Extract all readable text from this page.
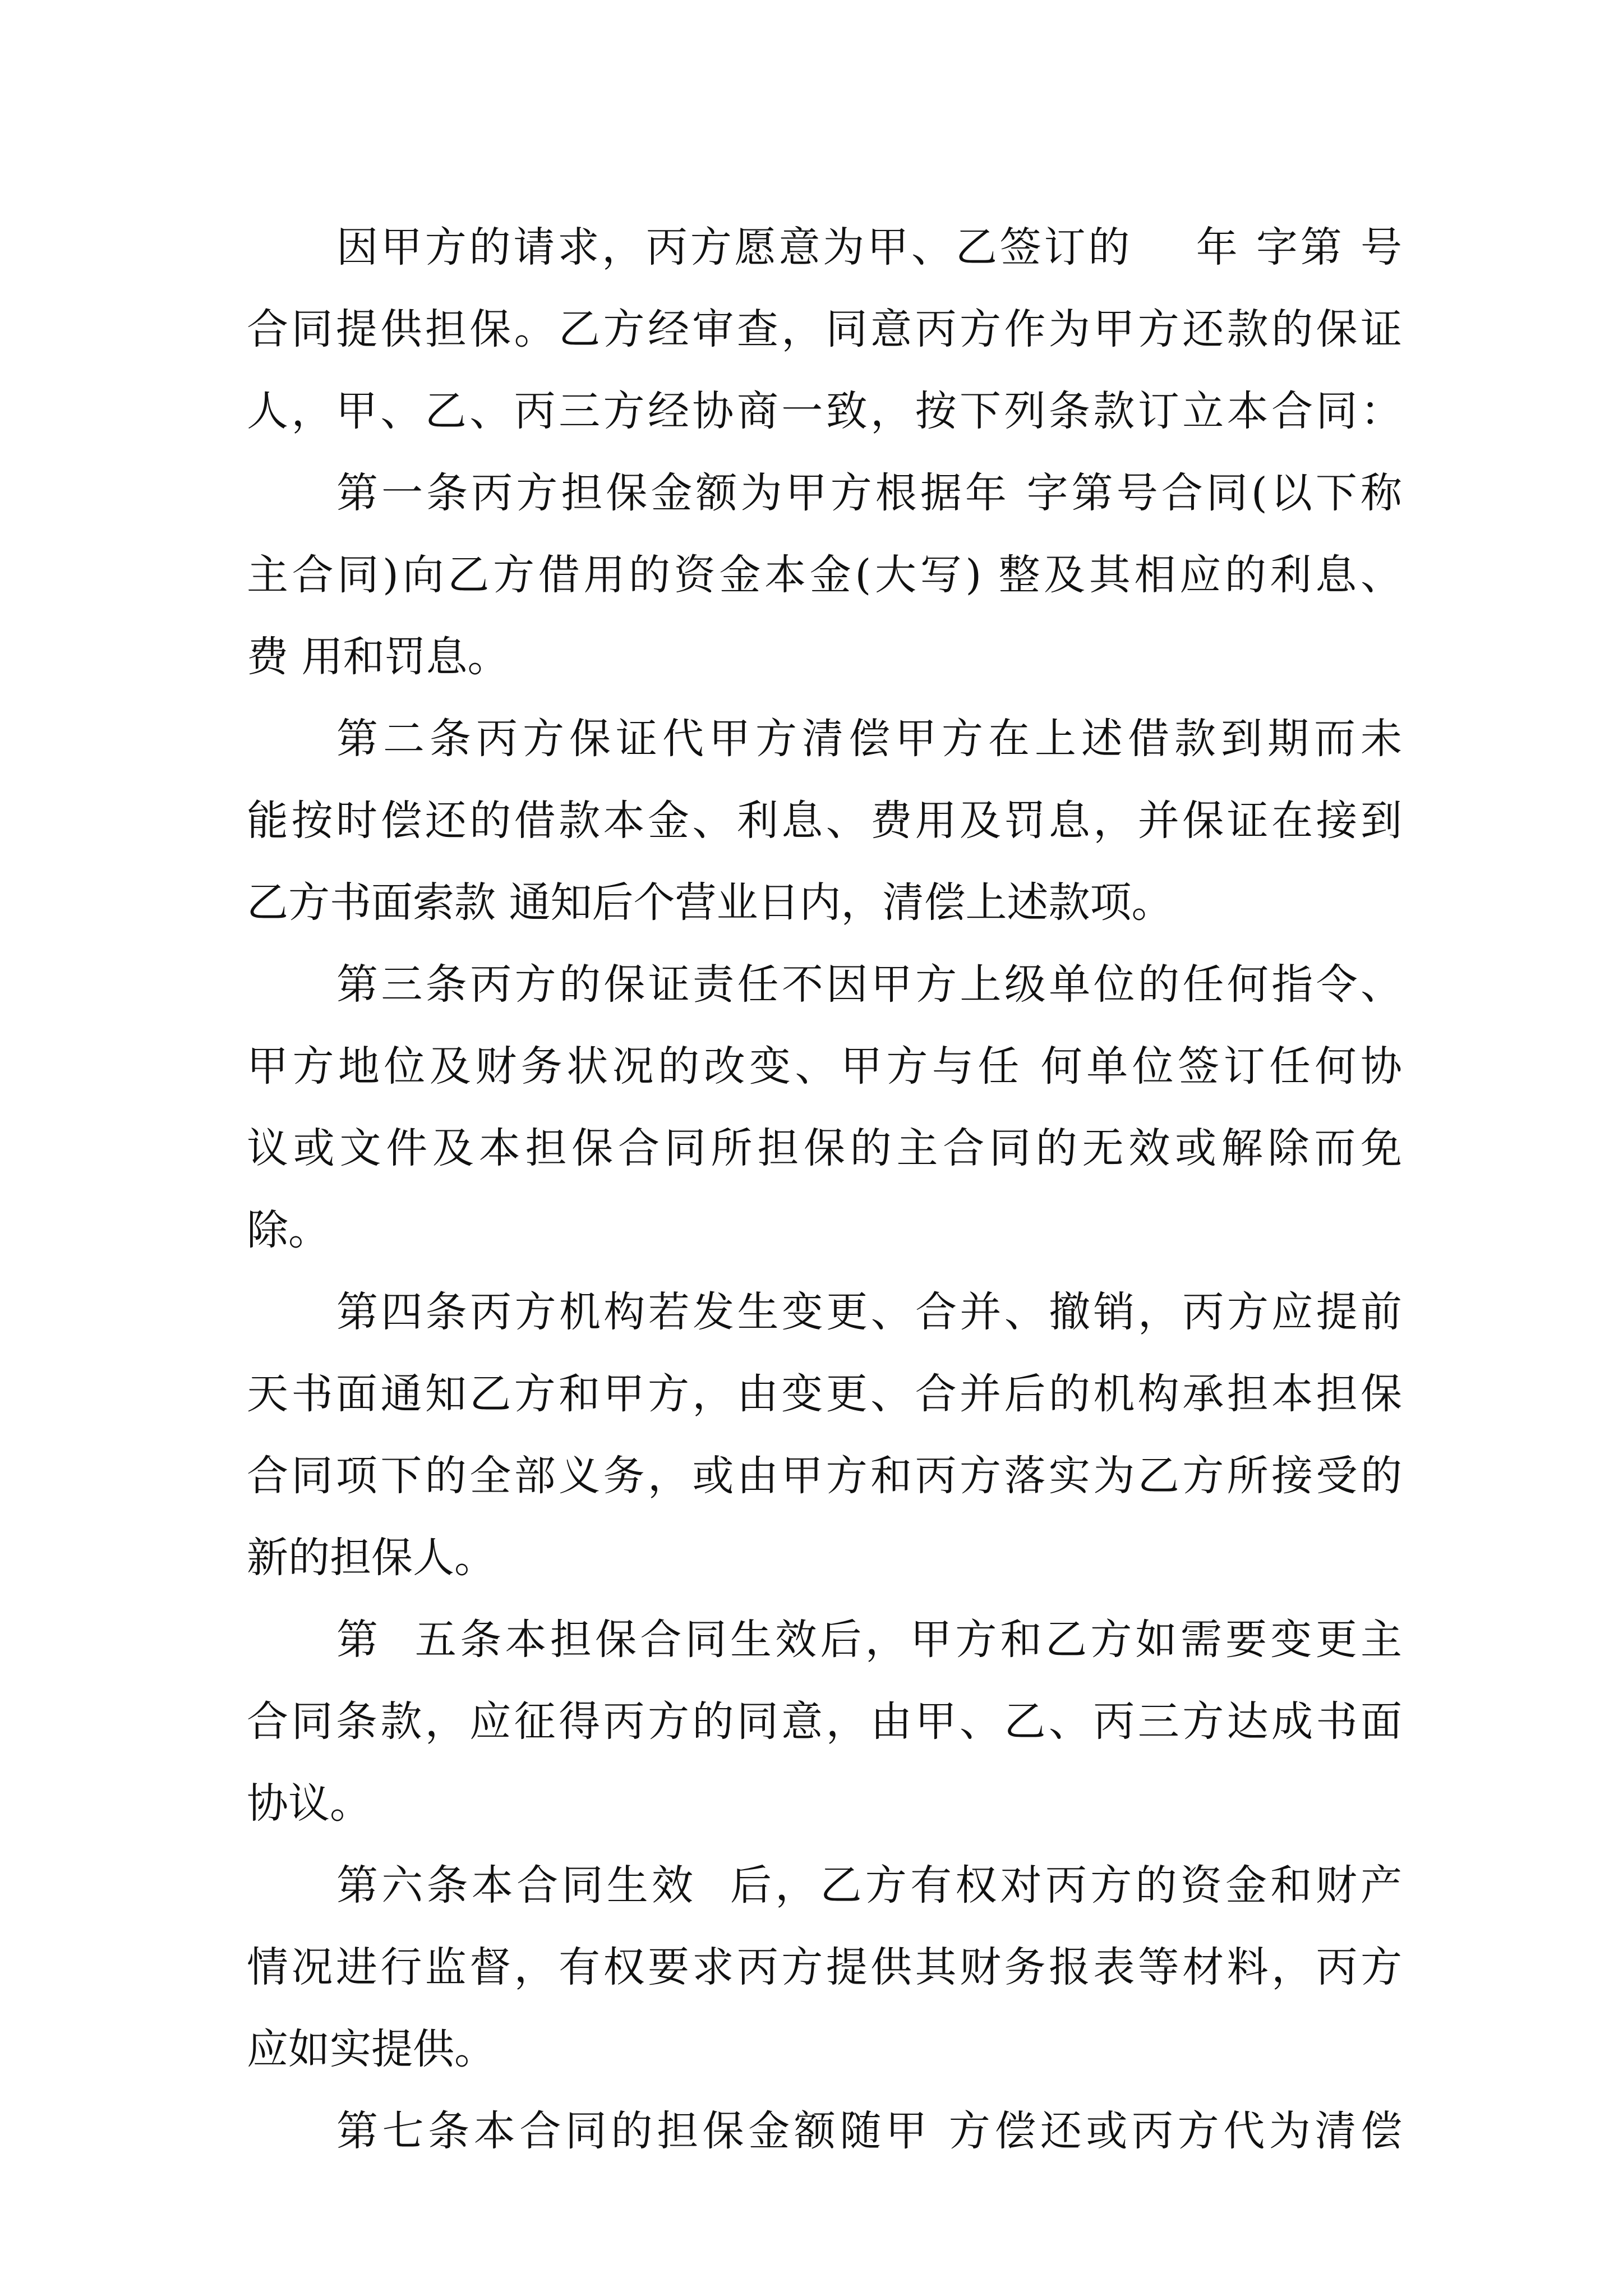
因甲方的请求，丙方愿意为甲、乙签订的    年 字第 号
合同提供担保。乙方经审查，同意丙方作为甲方还款的保证
人，甲、乙、丙三方经协商一致，按下列条款订立本合同：
第一条丙方担保金额为甲方根据年 字第号合同(以下称
主合同)向乙方借用的资金本金(大写) 整及其相应的利息、
费 用和罚息。
第二条丙方保证代甲方清偿甲方在上述借款到期而未
能按时偿还的借款本金、利息、费用及罚息，并保证在接到
乙方书面索款 通知后个营业日内，清偿上述款项。
第三条丙方的保证责任不因甲方上级单位的任何指令、
甲方地位及财务状况的改变、甲方与任 何单位签订任何协
议或文件及本担保合同所担保的主合同的无效或解除而免
除。
第四条丙方机构若发生变更、合并、撤销，丙方应提前
天书面通知乙方和甲方，由变更、合并后的机构承担本担保
合同项下的全部义务，或由甲方和丙方落实为乙方所接受的
新的担保人。
第  五条本担保合同生效后，甲方和乙方如需要变更主
合同条款，应征得丙方的同意，由甲、乙、丙三方达成书面
协议。
第六条本合同生效  后，乙方有权对丙方的资金和财产
情况进行监督，有权要求丙方提供其财务报表等材料，丙方
应如实提供。
第七条本合同的担保金额随甲 方偿还或丙方代为清偿
